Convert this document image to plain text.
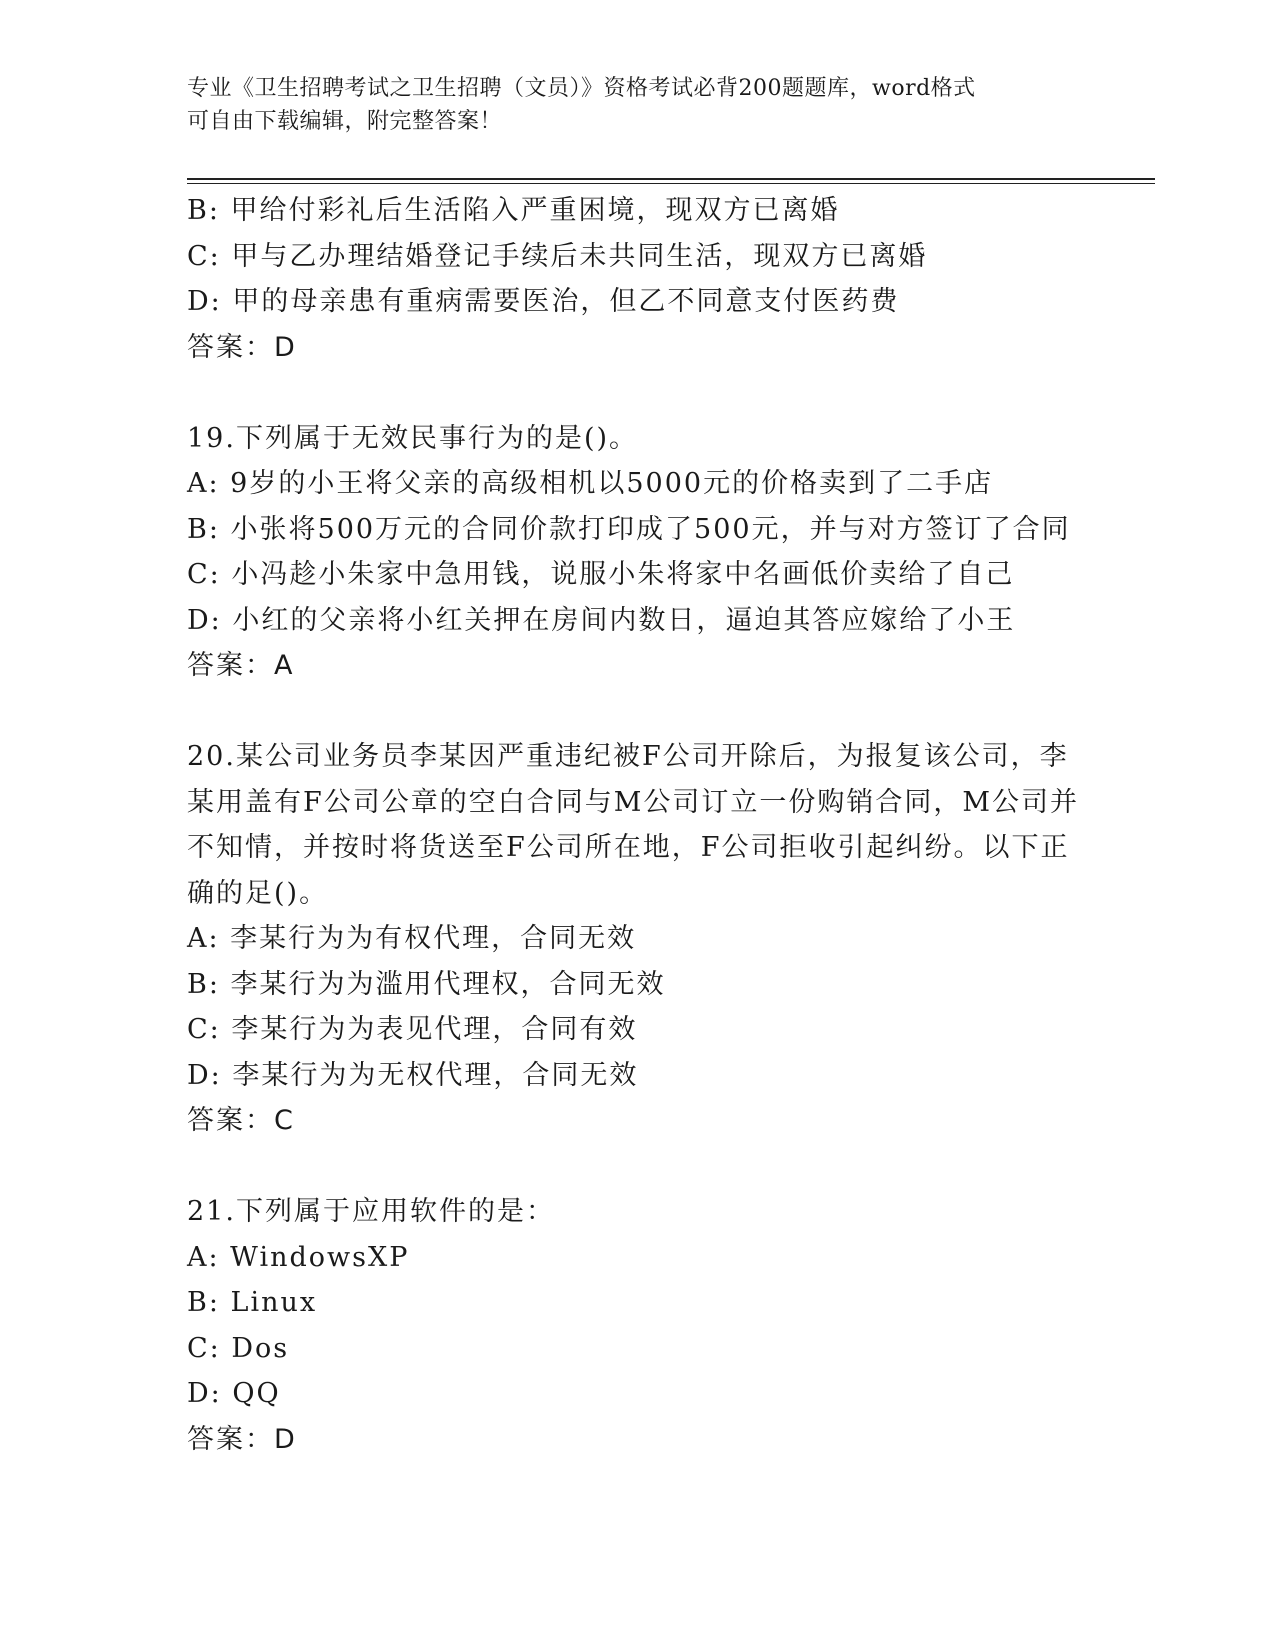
专业《卫生招聘考试之卫生招聘（文员）》资格考试必背200题题库，word格式
可自由下载编辑，附完整答案！
B: 甲给付彩礼后生活陷入严重困境，现双方已离婚
C: 甲与乙办理结婚登记手续后未共同生活，现双方已离婚
D: 甲的母亲患有重病需要医治，但乙不同意支付医药费
答案：D
19.下列属于无效民事行为的是()。
A: 9岁的小王将父亲的高级相机以5000元的价格卖到了二手店
B: 小张将500万元的合同价款打印成了500元，并与对方签订了合同
C: 小冯趁小朱家中急用钱，说服小朱将家中名画低价卖给了自己
D: 小红的父亲将小红关押在房间内数日，逼迫其答应嫁给了小王
答案：A
20.某公司业务员李某因严重违纪被F公司开除后，为报复该公司，李
某用盖有F公司公章的空白合同与M公司订立一份购销合同，M公司并
不知情，并按时将货送至F公司所在地，F公司拒收引起纠纷。以下正
确的足()。
A: 李某行为为有权代理，合同无效
B: 李某行为为滥用代理权，合同无效
C: 李某行为为表见代理，合同有效
D: 李某行为为无权代理，合同无效
答案：C
21.下列属于应用软件的是：
A: WindowsXP
B: Linux
C: Dos
D: QQ
答案：D
